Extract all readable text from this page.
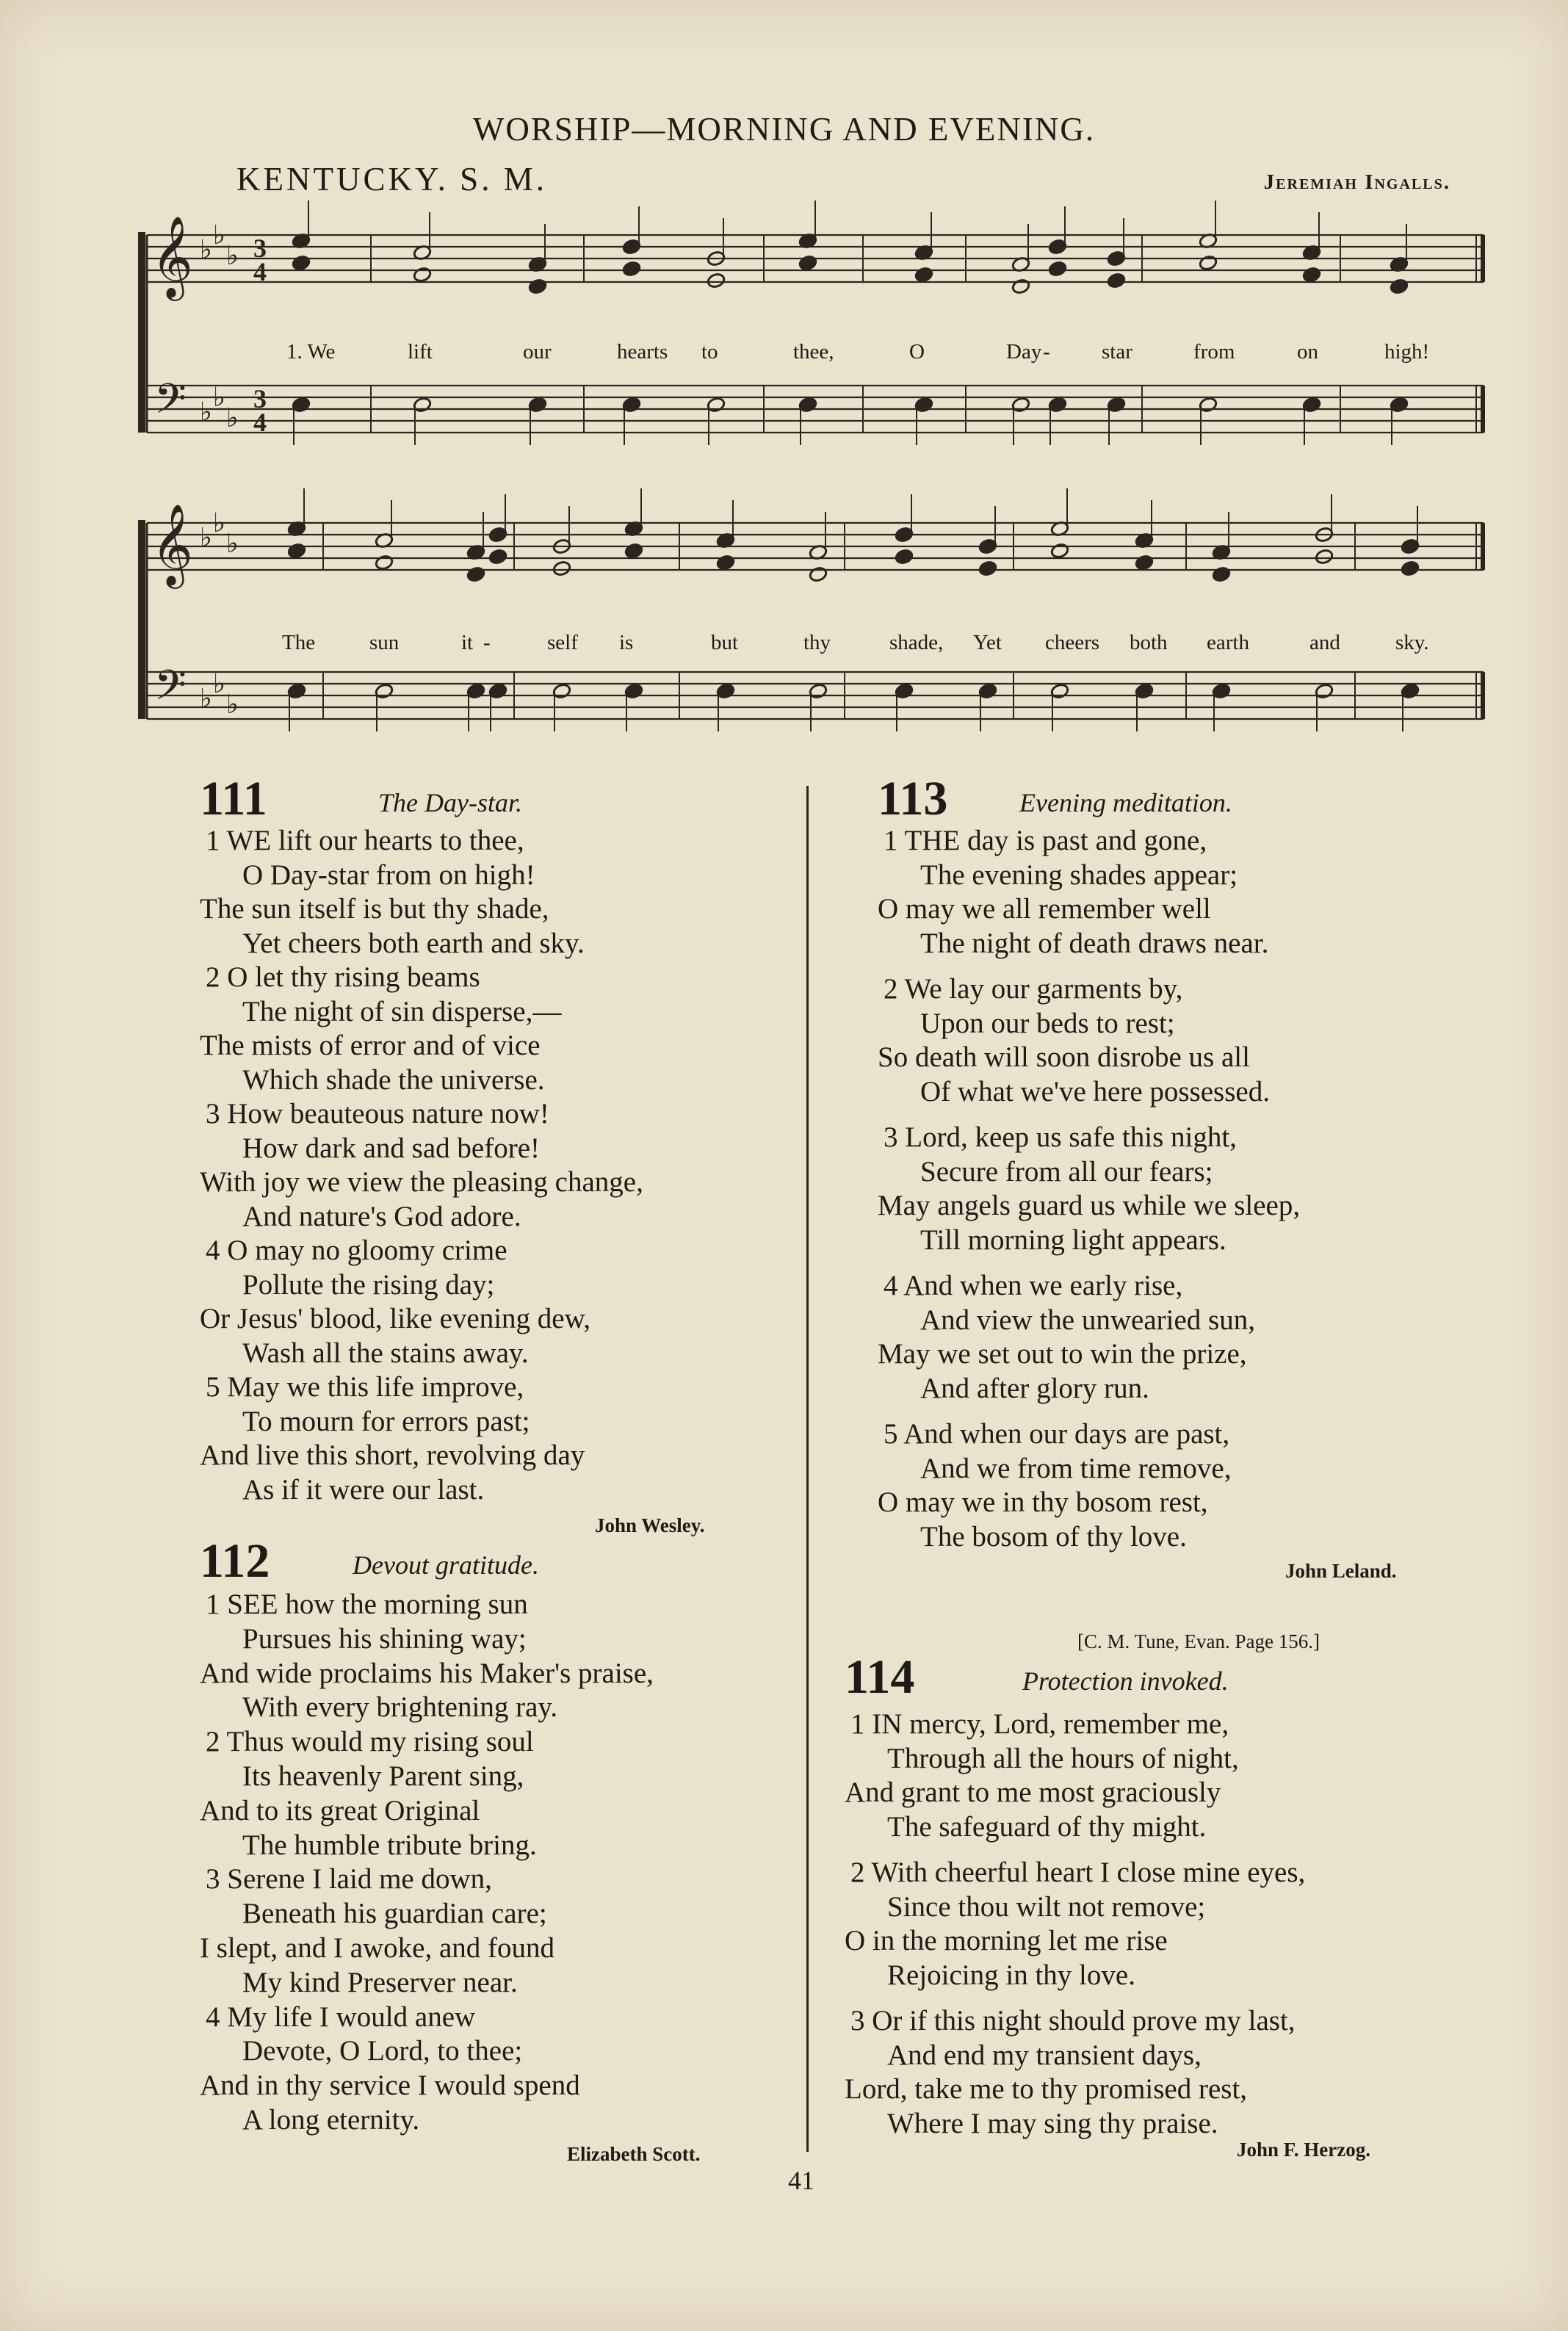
WORSHIP—MORNING AND EVENING.
KENTUCKY. S. M.	Jeremiah Ingalls.
𝄞
𝄢
♭ ♭
♭
♭ ♭
♭
3
4
3
4
1. We	lift	our	hearts to	thee,	O	Day - star	from	on	high!
𝄞
𝄢
♭ ♭
♭
♭ ♭
♭
The	sun	it -	self is	but	thy	shade, Yet cheers both earth	and	sky.
111	The Day-star.
1 WE lift our hearts to thee,
O Day-star from on high!
The sun itself is but thy shade,
Yet cheers both earth and sky.
2 O let thy rising beams
The night of sin disperse,—
The mists of error and of vice
Which shade the universe.
3 How beauteous nature now!
How dark and sad before!
With joy we view the pleasing change,
And nature's God adore.
4 O may no gloomy crime
Pollute the rising day;
Or Jesus' blood, like evening dew,
Wash all the stains away.
5 May we this life improve,
To mourn for errors past;
And live this short, revolving day
As if it were our last.
John Wesley.
112	Devout gratitude.
1 SEE how the morning sun
Pursues his shining way;
And wide proclaims his Maker's praise,
With every brightening ray.
2 Thus would my rising soul
Its heavenly Parent sing,
And to its great Original
The humble tribute bring.
3 Serene I laid me down,
Beneath his guardian care;
I slept, and I awoke, and found
My kind Preserver near.
4 My life I would anew
Devote, O Lord, to thee;
And in thy service I would spend
A long eternity.
Elizabeth Scott.
113	Evening meditation.
1 THE day is past and gone,
The evening shades appear;
O may we all remember well
The night of death draws near.
2 We lay our garments by,
Upon our beds to rest;
So death will soon disrobe us all
Of what we've here possessed.
3 Lord, keep us safe this night,
Secure from all our fears;
May angels guard us while we sleep,
Till morning light appears.
4 And when we early rise,
And view the unwearied sun,
May we set out to win the prize,
And after glory run.
5 And when our days are past,
And we from time remove,
O may we in thy bosom rest,
The bosom of thy love.
John Leland.
[C. M. Tune, Evan. Page 156.]
114	Protection invoked.
1 IN mercy, Lord, remember me,
Through all the hours of night,
And grant to me most graciously
The safeguard of thy might.
2 With cheerful heart I close mine eyes,
Since thou wilt not remove;
O in the morning let me rise
Rejoicing in thy love.
3 Or if this night should prove my last,
And end my transient days,
Lord, take me to thy promised rest,
Where I may sing thy praise.
John F. Herzog.
41
